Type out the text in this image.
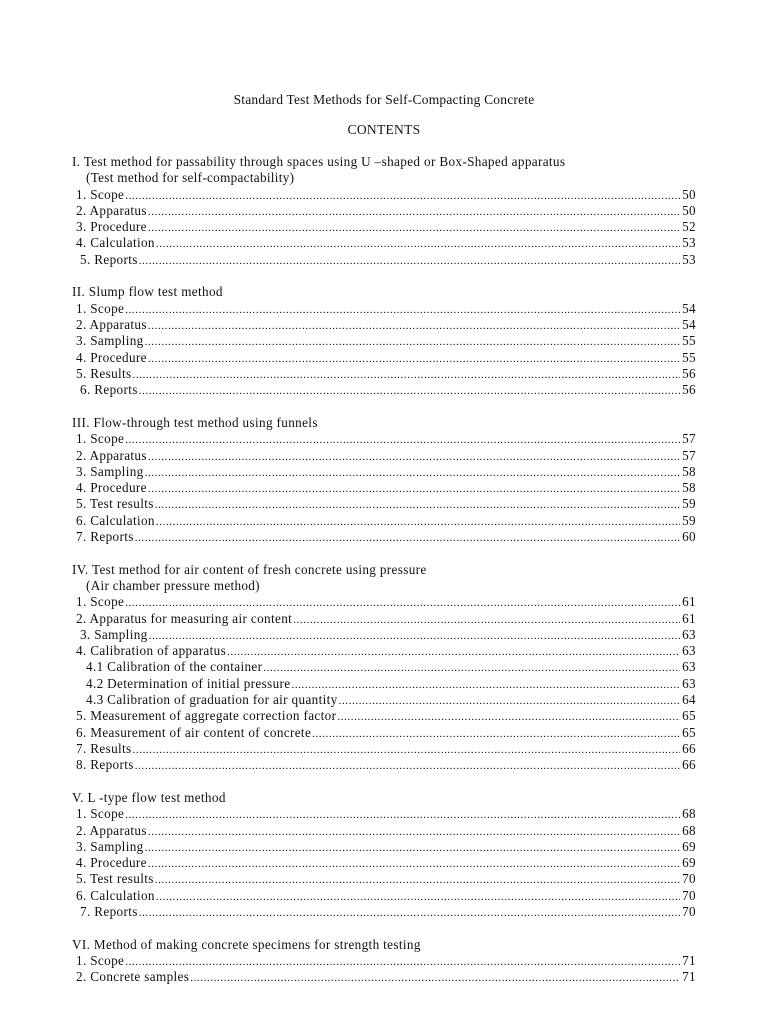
Standard Test Methods for Self-Compacting Concrete
CONTENTS
I. Test method for passability through spaces using U –shaped or Box-Shaped apparatus
(Test method for self-compactability)
1. Scope .....	50
2. Apparatus .....	50
3. Procedure .....	52
4. Calculation .....	53
5. Reports .....	53
II. Slump flow test method
1. Scope .....	54
2. Apparatus .....	54
3. Sampling .....	55
4. Procedure .....	55
5. Results .....	56
6. Reports .....	56
III. Flow-through test method using funnels
1. Scope .....	57
2. Apparatus .....	57
3. Sampling .....	58
4. Procedure .....	58
5. Test results .....	59
6. Calculation .....	59
7. Reports .....	60
IV. Test method for air content of fresh concrete using pressure
(Air chamber pressure method)
1. Scope .....	61
2. Apparatus for measuring air content .....	61
3. Sampling .....	63
4. Calibration of apparatus .....	63
4.1 Calibration of the container .....	63
4.2 Determination of initial pressure .....	63
4.3 Calibration of graduation for air quantity .....	64
5. Measurement of aggregate correction factor .....	65
6. Measurement of air content of concrete .....	65
7. Results .....	66
8. Reports .....	66
V. L -type flow test method
1. Scope .....	68
2. Apparatus .....	68
3. Sampling .....	69
4. Procedure .....	69
5. Test results .....	70
6. Calculation .....	70
7. Reports .....	70
VI. Method of making concrete specimens for strength testing
1. Scope .....	71
2. Concrete samples .....	71
